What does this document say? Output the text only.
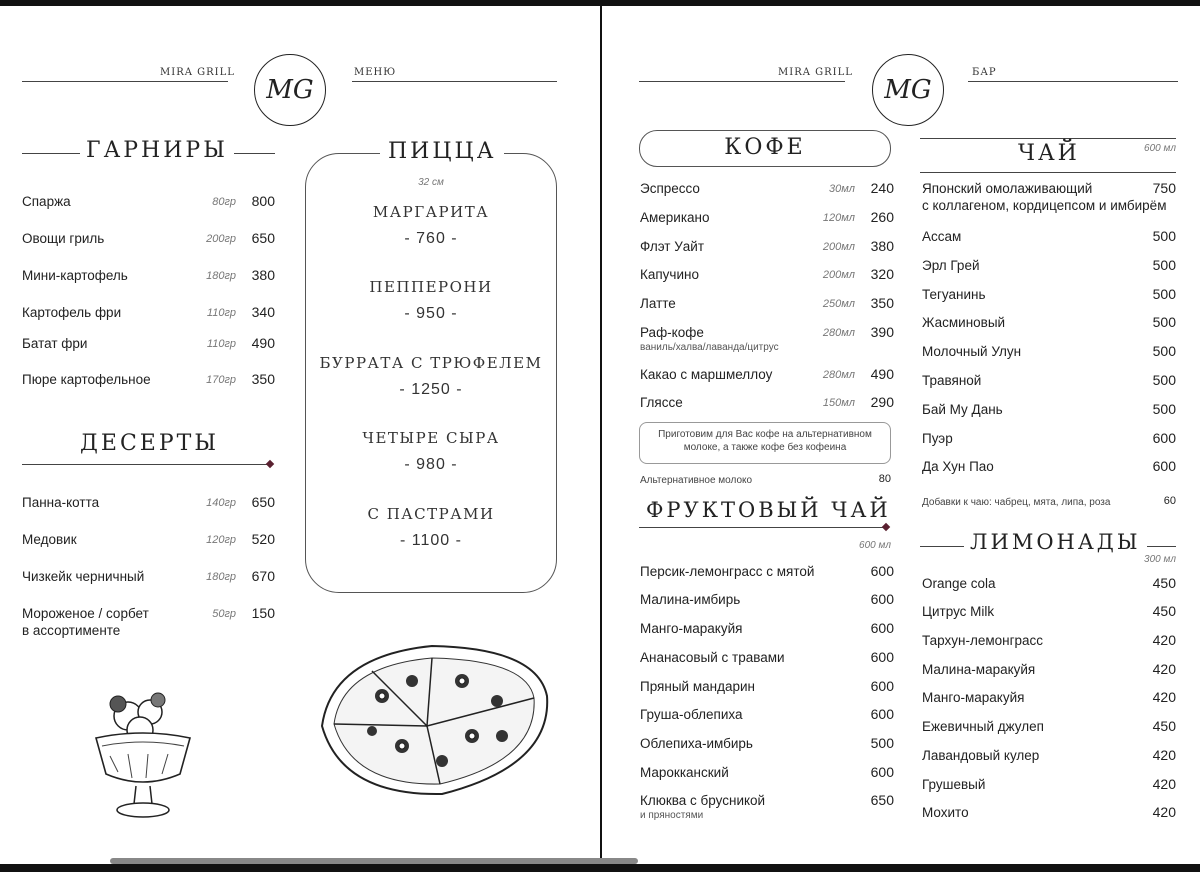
MIRA GRILL
MG
МЕНЮ
ГАРНИРЫ
Спаржа	80гр	800
Овощи гриль	200гр	650
Мини-картофель	180гр	380
Картофель фри	110гр	340
Батат фри	110гр	490
Пюре картофельное	170гр	350
ДЕСЕРТЫ
Панна-котта	140гр	650
Медовик	120гр	520
Чизкейк черничный	180гр	670
Мороженое / сорбет
в ассортименте
50гр	150
ПИЦЦА
32 см
МАРГАРИТА
- 760 -
ПЕППЕРОНИ
- 950 -
БУРРАТА С ТРЮФЕЛЕМ
- 1250 -
ЧЕТЫРЕ СЫРА
- 980 -
С ПАСТРАМИ
- 1100 -
MIRA GRILL
MG
БАР
КОФЕ
Эспрессо	30мл	240
Американо	120мл	260
Флэт Уайт	200мл	380
Капучино	200мл	320
Латте	250мл	350
Раф-кофе
ваниль/халва/лаванда/цитрус
280мл	390
Какао с маршмеллоу	280мл	490
Гляссе	150мл	290
Приготовим для Вас кофе на альтернативном молоке, а также кофе без кофеина
Альтернативное молоко	80
ФРУКТОВЫЙ ЧАЙ
600 мл
Персик-лемонграсс с мятой	600
Малина-имбирь	600
Манго-маракуйя	600
Ананасовый с травами	600
Пряный мандарин	600
Груша-облепиха	600
Облепиха-имбирь	500
Марокканский	600
Клюква с брусникой
и пряностями
650
ЧАЙ	600 мл
Японский омолаживающий
с коллагеном, кордицепсом и имбирём
750
Ассам	500
Эрл Грей	500
Тегуанинь	500
Жасминовый	500
Молочный Улун	500
Травяной	500
Бай Му Дань	500
Пуэр	600
Да Хун Пао	600
Добавки к чаю: чабрец, мята, липа, роза	60
ЛИМОНАДЫ
300 мл
Orange cola	450
Цитрус Milk	450
Тархун-лемонграсс	420
Малина-маракуйя	420
Манго-маракуйя	420
Ежевичный джулеп	450
Лавандовый кулер	420
Грушевый	420
Мохито	420
